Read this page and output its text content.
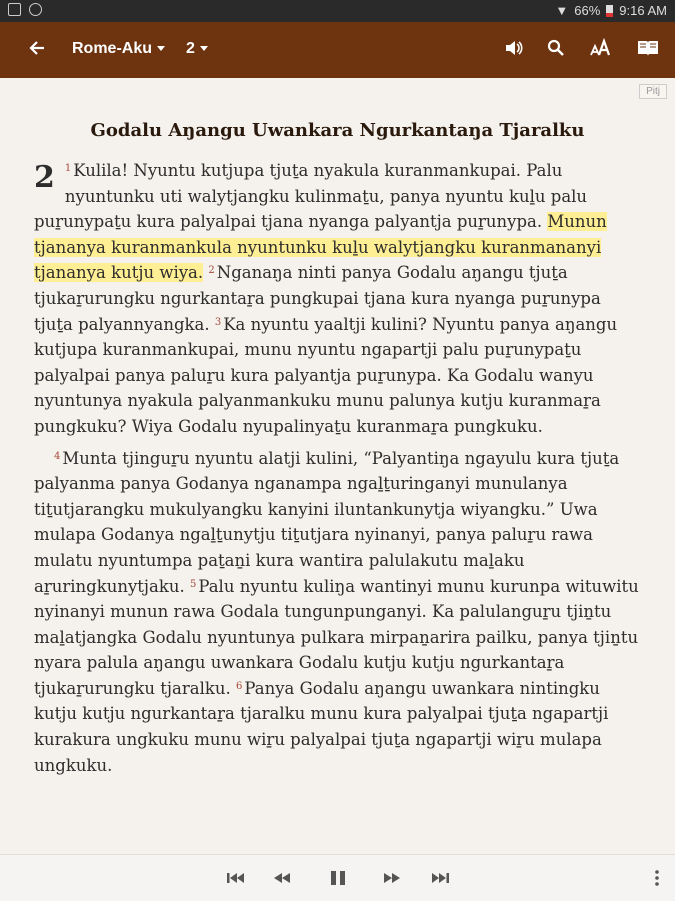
▼ 66% 9:16 AM
Rome-Aku	2
Pitj
Godalu Aŋangu Uwankara Ngurkantaŋa Tjaralku

2 $^1$ Kulila! Nyuntu kutjupa tjuṯa nyakula kuranmankupai. Palu nyuntunku uti walytjangku kulinmaṯu, panya nyuntu kuḻu palu puṟunypaṯu kura palyalpai tjana nyanga palyantja puṟunypa. Munun tjananya kuranmankula nyuntunku kuḻu walytjangku kuranmananyi tjananya kutju wiya. $^2$ Nganaŋa ninti panya Godalu aŋangu tjuṯa tjukaṟurungku ngurkantaṟa pungkupai tjana kura nyanga puṟunypa tjuṯa palyannyangka. $^3$ Ka nyuntu yaaltji kulini? Nyuntu panya aŋangu kutjupa kuranmankupai, munu nyuntu ngapartji palu puṟunypaṯu palyalpai panya paluṟu kura palyantja puṟunypa. Ka Godalu wanyu nyuntunya nyakula palyanmankuku munu palunya kutju kuranmaṟa pungkuku? Wiya Godalu nyupalinyaṯu kuranmaṟa pungkuku.

$^4$ Munta tjinguṟu nyuntu alatji kulini, “Palyantiŋa ngayulu kura tjuṯa palyanma panya Godanya nganampa ngaḻṯuringanyi munulanya tiṯutjarangku mukulyangku kanyini iluntankunytja wiyangku.” Uwa mulapa Godanya ngaḻṯunytju tiṯutjara nyinanyi, panya paluṟu rawa mulatu nyuntumpa paṯaṉi kura wantira palulakutu maḻaku aṟuringkunytjaku. $^5$ Palu nyuntu kuliŋa wantinyi munu kurunpa wituwitu nyinanyi munun rawa Godala tungunpunganyi. Ka palulanguṟu tjiṉtu maḻatjangka Godalu nyuntunya pulkara mirpaṉarira pailku, panya tjiṉtu nyara palula aŋangu uwankara Godalu kutju kutju ngurkantaṟa tjukaṟurungku tjaralku. $^6$ Panya Godalu aŋangu uwankara nintingku kutju kutju ngurkantaṟa tjaralku munu kura palyalpai tjuṯa ngapartji kurakura ungkuku munu wiṟu palyalpai tjuṯa ngapartji wiṟu mulapa ungkuku.
